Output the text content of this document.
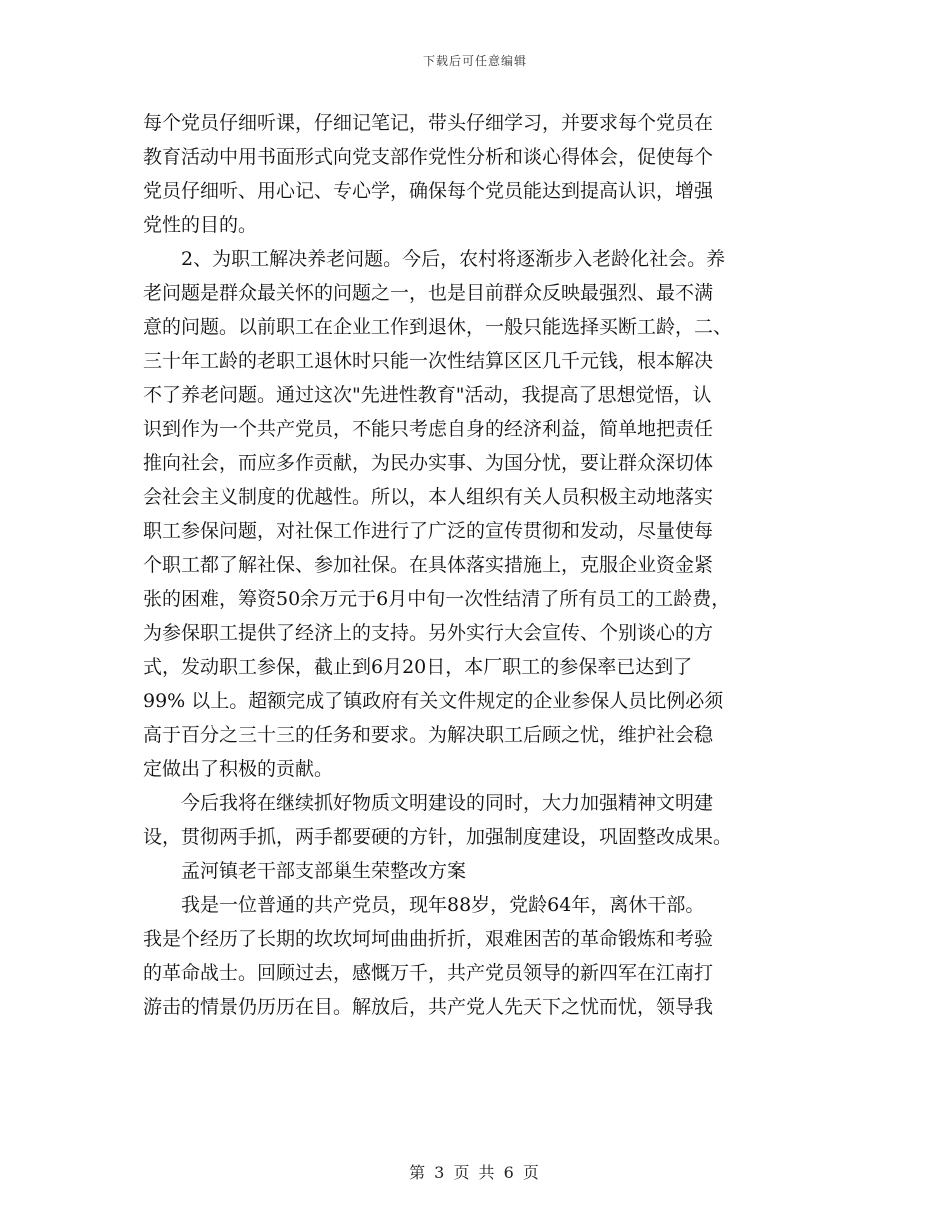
下载后可任意编辑
每个党员仔细听课，仔细记笔记，带头仔细学习，并要求每个党员在
教育活动中用书面形式向党支部作党性分析和谈心得体会，促使每个
党员仔细听、用心记、专心学，确保每个党员能达到提高认识，增强
党性的目的。
　　2、为职工解决养老问题。今后，农村将逐渐步入老龄化社会。养
老问题是群众最关怀的问题之一，也是目前群众反映最强烈、最不满
意的问题。以前职工在企业工作到退休，一般只能选择买断工龄，二、
三十年工龄的老职工退休时只能一次性结算区区几千元钱，根本解决
不了养老问题。通过这次"先进性教育"活动，我提高了思想觉悟，认
识到作为一个共产党员，不能只考虑自身的经济利益，简单地把责任
推向社会，而应多作贡献，为民办实事、为国分忧，要让群众深切体
会社会主义制度的优越性。所以，本人组织有关人员积极主动地落实
职工参保问题，对社保工作进行了广泛的宣传贯彻和发动，尽量使每
个职工都了解社保、参加社保。在具体落实措施上，克服企业资金紧
张的困难，筹资50余万元于6月中旬一次性结清了所有员工的工龄费，
为参保职工提供了经济上的支持。另外实行大会宣传、个别谈心的方
式，发动职工参保，截止到6月20日，本厂职工的参保率已达到了
99% 以上。超额完成了镇政府有关文件规定的企业参保人员比例必须
高于百分之三十三的任务和要求。为解决职工后顾之忧，维护社会稳
定做出了积极的贡献。
　　今后我将在继续抓好物质文明建设的同时，大力加强精神文明建
设，贯彻两手抓，两手都要硬的方针，加强制度建设，巩固整改成果。
　　孟河镇老干部支部巢生荣整改方案
　　我是一位普通的共产党员，现年88岁，党龄64年，离休干部。
我是个经历了长期的坎坎坷坷曲曲折折，艰难困苦的革命锻炼和考验
的革命战士。回顾过去，感慨万千，共产党员领导的新四军在江南打
游击的情景仍历历在目。解放后，共产党人先天下之忧而忧，领导我
第 3 页 共 6 页
